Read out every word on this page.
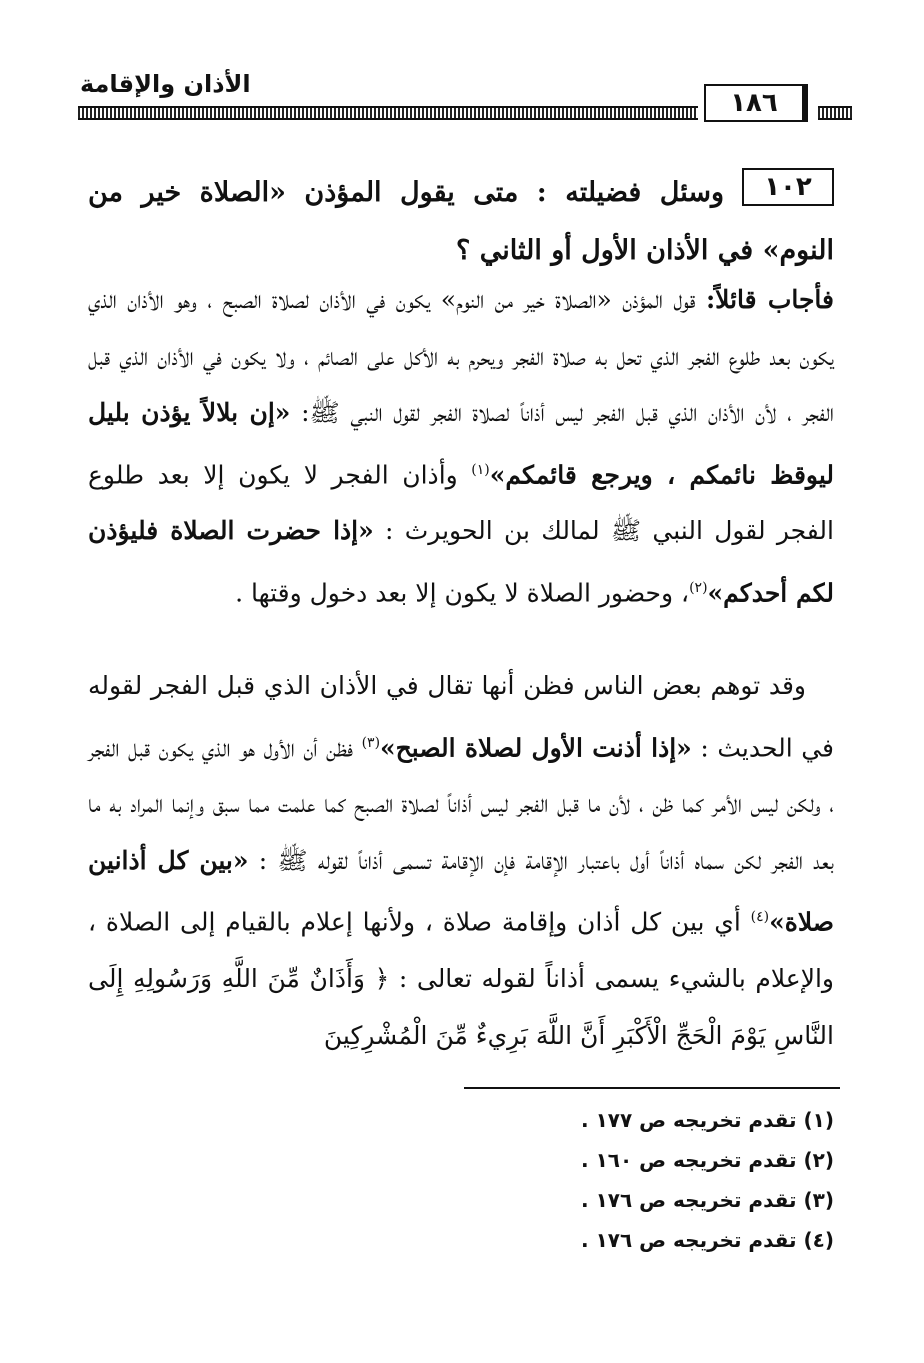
الأذان والإقامة
١٨٦
١٠٢
وسئل فضيلته : متى يقول المؤذن «الصلاة خير من النوم» في الأذان الأول أو الثاني ؟

فأجاب قائلاً: قول المؤذن «الصلاة خير من النوم» يكون في الأذان لصلاة الصبح ، وهو الأذان الذي يكون بعد طلوع الفجر الذي تحل به صلاة الفجر ويحرم به الأكل على الصائم ، ولا يكون في الأذان الذي قبل الفجر ، لأن الأذان الذي قبل الفجر ليس أذاناً لصلاة الفجر لقول النبي ﷺ: «إن بلالاً يؤذن بليل ليوقظ نائمكم ، ويرجع قائمكم»$^{(١)}$ وأذان الفجر لا يكون إلا بعد طلوع الفجر لقول النبي ﷺ لمالك بن الحويرث : «إذا حضرت الصلاة فليؤذن لكم أحدكم»$^{(٢)}$، وحضور الصلاة لا يكون إلا بعد دخول وقتها .

وقد توهم بعض الناس فظن أنها تقال في الأذان الذي قبل الفجر لقوله في الحديث : «إذا أذنت الأول لصلاة الصبح»$^{(٣)}$ فظن أن الأول هو الذي يكون قبل الفجر ، ولكن ليس الأمر كما ظن ، لأن ما قبل الفجر ليس أذاناً لصلاة الصبح كما علمت مما سبق وإنما المراد به ما بعد الفجر لكن سماه أذاناً أول باعتبار الإقامة فإن الإقامة تسمى أذاناً لقوله ﷺ : «بين كل أذانين صلاة»$^{(٤)}$ أي بين كل أذان وإقامة صلاة ، ولأنها إعلام بالقيام إلى الصلاة ، والإعلام بالشيء يسمى أذاناً لقوله تعالى : ﴿ وَأَذَانٌ مِّنَ اللَّهِ وَرَسُولِهِ إِلَى النَّاسِ يَوْمَ الْحَجِّ الْأَكْبَرِ أَنَّ اللَّهَ بَرِيءٌ مِّنَ الْمُشْرِكِينَ

(١) تقدم تخريجه ص ١٧٧ .
(٢) تقدم تخريجه ص ١٦٠ .
(٣) تقدم تخريجه ص ١٧٦ .
(٤) تقدم تخريجه ص ١٧٦ .
